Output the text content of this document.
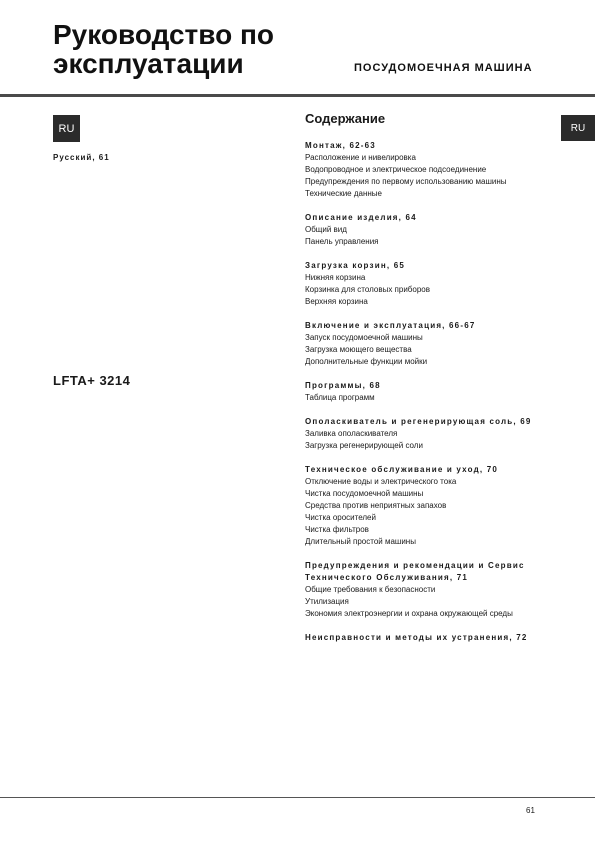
Руководство по
эксплуатации	ПОСУДОМОЕЧНАЯ МАШИНА
RU	RU
Русский, 61
LFTA+ 3214
Содержание
Монтаж, 62-63
Расположение и нивелировка
Водопроводное и электрическое подсоединение
Предупреждения по первому использованию машины
Технические данные
Описание изделия, 64
Общий вид
Панель управления
Загрузка корзин, 65
Нижняя корзина
Корзинка для столовых приборов
Верхняя корзина
Включение и эксплуатация, 66-67
Запуск посудомоечной машины
Загрузка моющего вещества
Дополнительные функции мойки
Программы, 68
Таблица программ
Ополаскиватель и регенерирующая соль, 69
Заливка ополаскивателя
Загрузка регенерирующей соли
Техническое обслуживание и уход, 70
Отключение воды и электрического тока
Чистка посудомоечной машины
Средства против неприятных запахов
Чистка оросителей
Чистка фильтров
Длительный простой машины
Предупреждения и рекомендации и Сервис
Технического Обслуживания, 71
Общие требования к безопасности
Утилизация
Экономия электроэнергии и охрана окружающей среды
Неисправности и методы их устранения, 72
61
